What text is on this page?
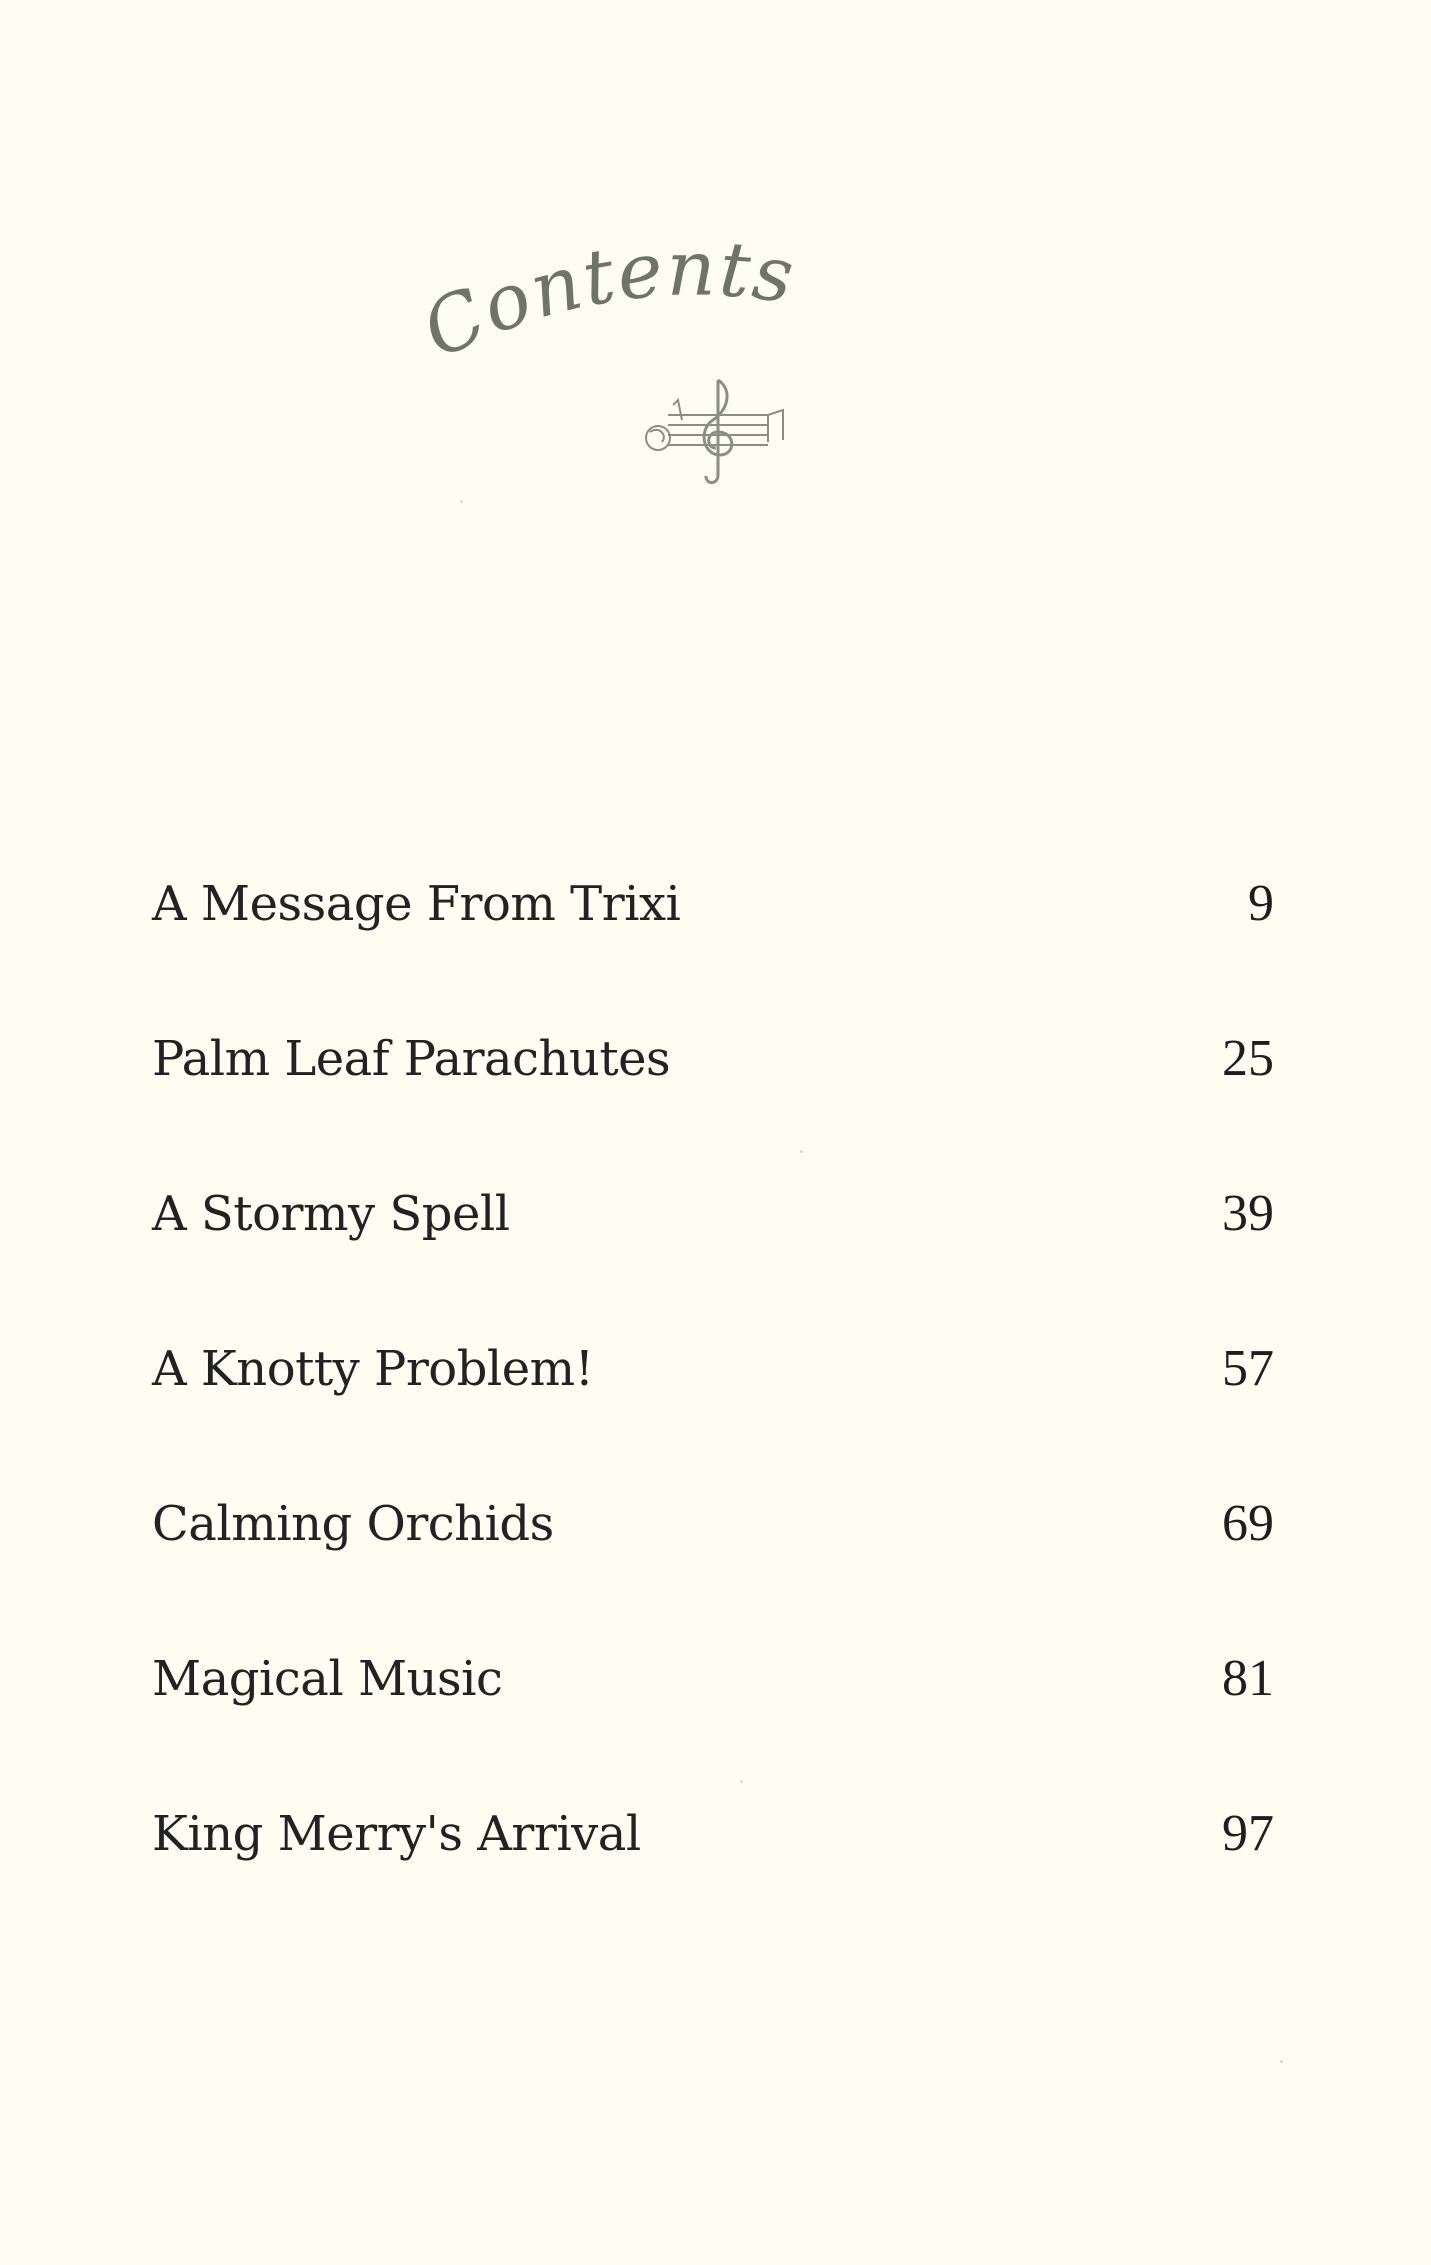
Contents
A Message From Trixi	9
Palm Leaf Parachutes	25
A Stormy Spell	39
A Knotty Problem!	57
Calming Orchids	69
Magical Music	81
King Merry's Arrival	97
